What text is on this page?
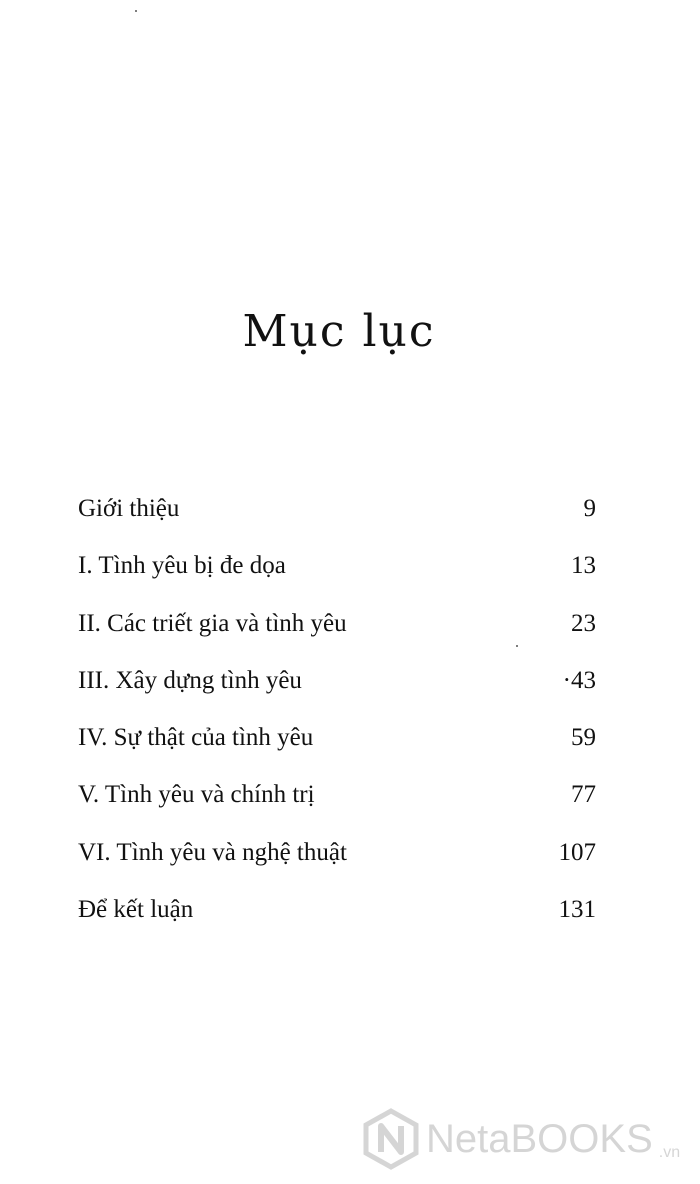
Mục lục
Giới thiệu	9
I. Tình yêu bị đe dọa	13
II. Các triết gia và tình yêu	23
III. Xây dựng tình yêu	·43
IV. Sự thật của tình yêu	59
V. Tình yêu và chính trị	77
VI. Tình yêu và nghệ thuật	107
Để kết luận	131
NetaBOOKS .vn
